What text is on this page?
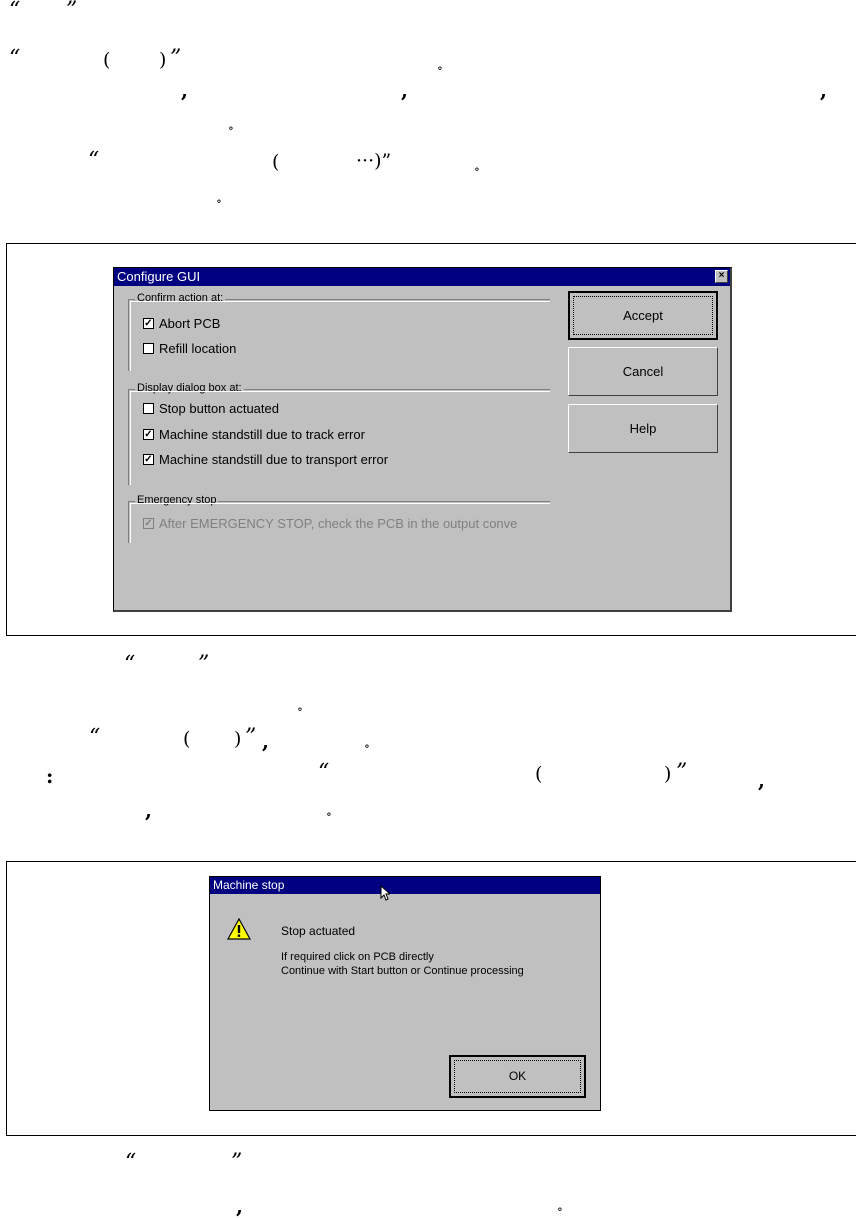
“ ”
“	(	) ”	∘
,	,	,
∘
“	(	···)”	∘
∘
Configure GUI	×
Confirm action at:
✓ Abort PCB
Refill location
Display dialog box at:
Stop button actuated
✓ Machine standstill due to track error
✓ Machine standstill due to transport error
Emergency stop
✓ After EMERGENCY STOP, check the PCB in the output conve
Accept
Cancel
Help
“	”
∘
“	( ) ” ,	∘
:	“	(	) ”	,
,	∘
Machine stop
Stop actuated
If required click on PCB directly
Continue with Start button or Continue processing
OK
“	”
,	∘
